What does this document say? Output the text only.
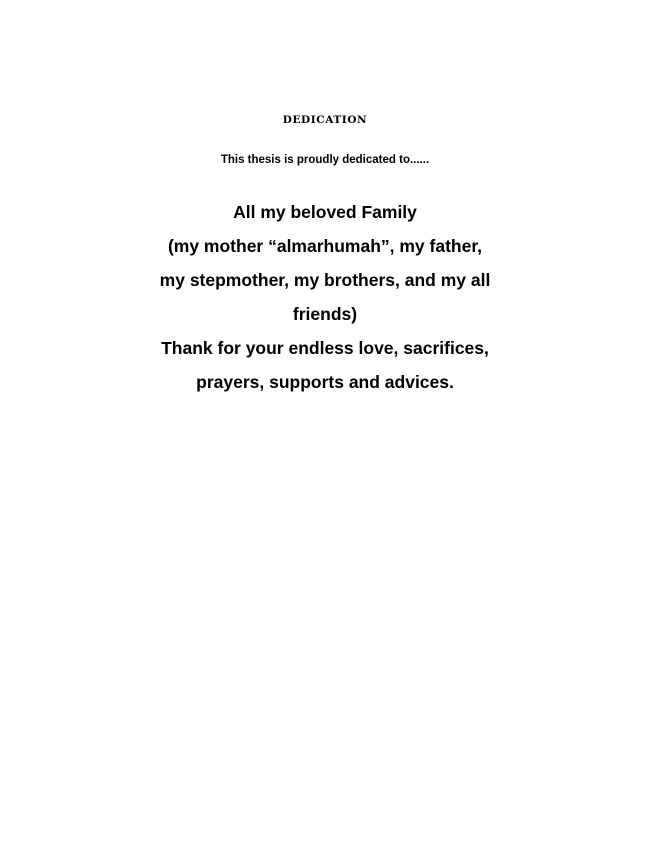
DEDICATION
This thesis is proudly dedicated to......
All my beloved Family
(my mother “almarhumah”, my father,
my stepmother, my brothers, and my all
friends)
Thank for your endless love, sacrifices,
prayers, supports and advices.
